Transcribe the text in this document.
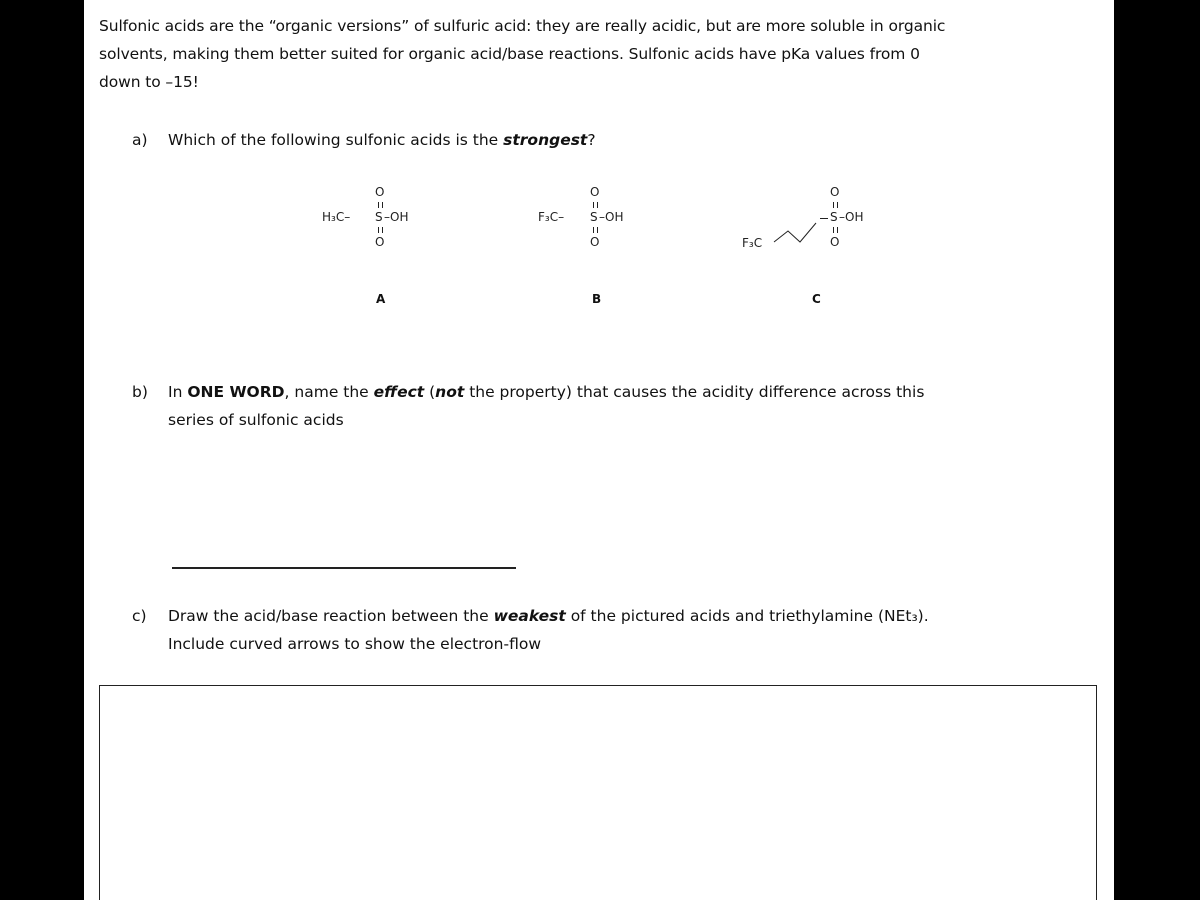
Sulfonic acids are the “organic versions” of sulfuric acid: they are really acidic, but are more soluble in organic
solvents, making them better suited for organic acid/base reactions. Sulfonic acids have pKa values from 0
down to –15!
a) Which of the following sulfonic acids is the strongest?
O
H₃C– S –OH
O
A
O
F₃C– S –OH
O
B
O
S –OH
F₃C	O
C
b) In ONE WORD, name the effect (not the property) that causes the acidity difference across this
series of sulfonic acids
c) Draw the acid/base reaction between the weakest of the pictured acids and triethylamine (NEt₃).
Include curved arrows to show the electron-flow
